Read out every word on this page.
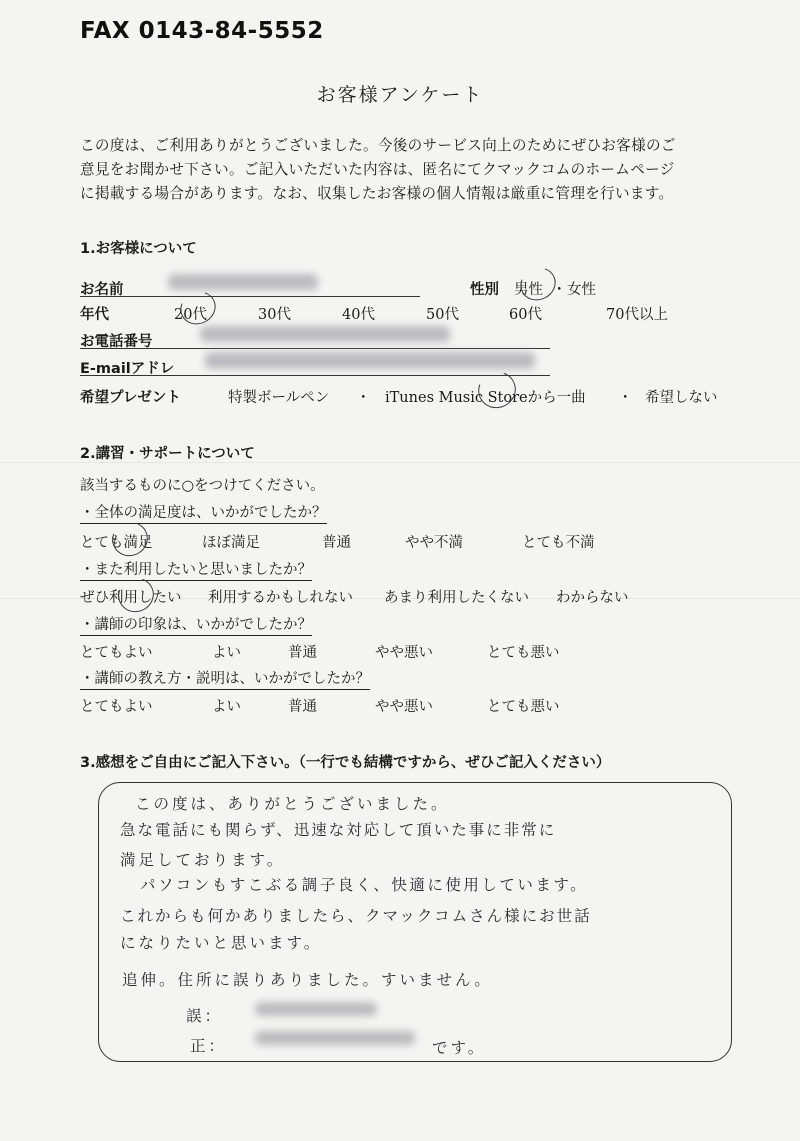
FAX 0143-84-5552
お客様アンケート
この度は、ご利用ありがとうございました。今後のサービス向上のためにぜひお客様のご
意見をお聞かせ下さい。ご記入いただいた内容は、匿名にてクマックコムのホームページ
に掲載する場合があります。なお、収集したお客様の個人情報は厳重に管理を行います。
1.お客様について
お名前	性別 男性 ・ 女性
年代	20代	30代	40代	50代	60代	70代以上
お電話番号
E-mailアドレ
希望プレゼント	特製ボールペン ・ iTunes Music Storeから一曲 ・ 希望しない
2.講習・サポートについて
該当するものに○をつけてください。
・全体の満足度は、いかがでしたか？
とても満足	ほぼ満足	普通	やや不満	とても不満
・また利用したいと思いましたか？
ぜひ利用したい 利用するかもしれない あまり利用したくない わからない
・講師の印象は、いかがでしたか？
とてもよい	よい	普通	やや悪い	とても悪い
・講師の教え方・説明は、いかがでしたか？
とてもよい	よい	普通	やや悪い	とても悪い
3.感想をご自由にご記入下さい。（一行でも結構ですから、ぜひご記入ください）
この度は、ありがとうございました。
急な電話にも関らず、迅速な対応して頂いた事に非常に
満足しております。
パソコンもすこぶる調子良く、快適に使用しています。
これからも何かありましたら、クマックコムさん様にお世話
になりたいと思います。
追伸。住所に誤りありました。すいません。
誤：
正：	です。
